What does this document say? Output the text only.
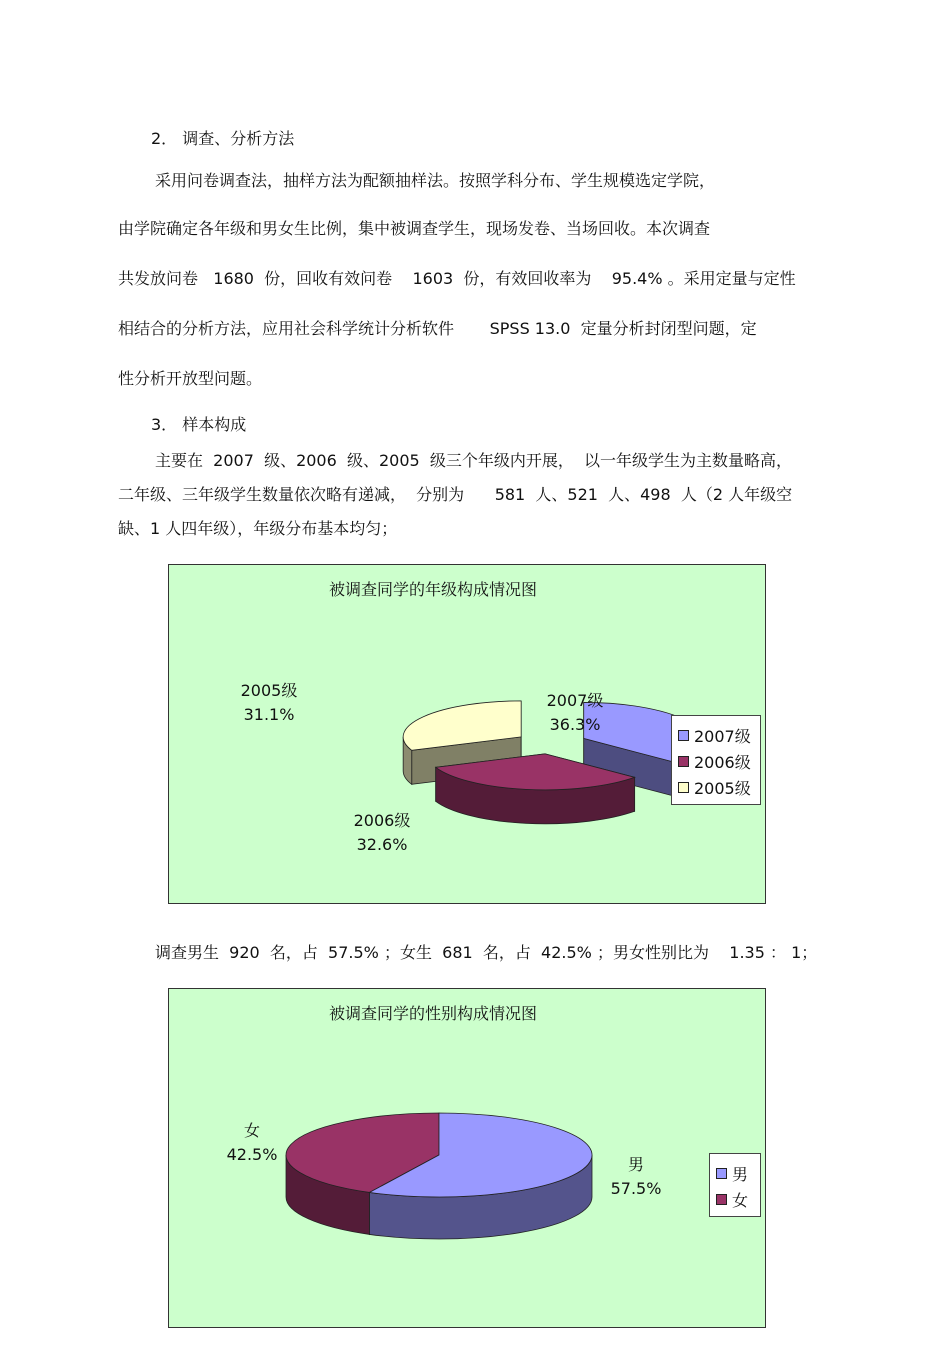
2． 调查、分析方法
采用问卷调查法，抽样方法为配额抽样法。按照学科分布、学生规模选定学院，
由学院确定各年级和男女生比例，集中被调查学生，现场发卷、当场回收。本次调查
共发放问卷   1680  份，回收有效问卷    1603  份，有效回收率为    95.4% 。采用定量与定性
相结合的分析方法，应用社会科学统计分析软件       SPSS 13.0  定量分析封闭型问题，定
性分析开放型问题。
3． 样本构成
主要在  2007  级、2006  级、2005  级三个年级内开展，  以一年级学生为主数量略高，
二年级、三年级学生数量依次略有递减，  分别为      581  人、521  人、498  人（2 人年级空
缺、1 人四年级），年级分布基本均匀；
被调查同学的年级构成情况图
2005级
31.1%
2007级
36.3%
2006级
32.6%
2007级
2006级
2005级
调查男生  920  名，占  57.5% ；女生  681  名，占  42.5% ；男女性别比为    1.35 ： 1；
被调查同学的性别构成情况图
女
42.5%
男
57.5%
男
女
